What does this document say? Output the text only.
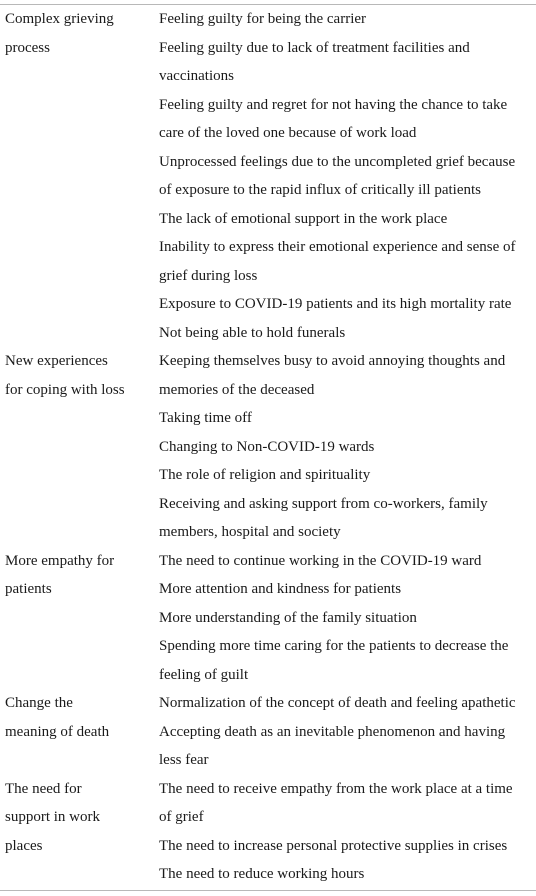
Complex grieving
process
Feeling guilty for being the carrier
Feeling guilty due to lack of treatment facilities and
vaccinations
Feeling guilty and regret for not having the chance to take
care of the loved one because of work load
Unprocessed feelings due to the uncompleted grief because
of exposure to the rapid influx of critically ill patients
The lack of emotional support in the work place
Inability to express their emotional experience and sense of
grief during loss
Exposure to COVID-19 patients and its high mortality rate
Not being able to hold funerals
New experiences
for coping with loss
Keeping themselves busy to avoid annoying thoughts and
memories of the deceased
Taking time off
Changing to Non-COVID-19 wards
The role of religion and spirituality
Receiving and asking support from co-workers, family
members, hospital and society
More empathy for
patients
The need to continue working in the COVID-19 ward
More attention and kindness for patients
More understanding of the family situation
Spending more time caring for the patients to decrease the
feeling of guilt
Change the
meaning of death
Normalization of the concept of death and feeling apathetic
Accepting death as an inevitable phenomenon and having
less fear
The need for
support in work
places
The need to receive empathy from the work place at a time
of grief
The need to increase personal protective supplies in crises
The need to reduce working hours
